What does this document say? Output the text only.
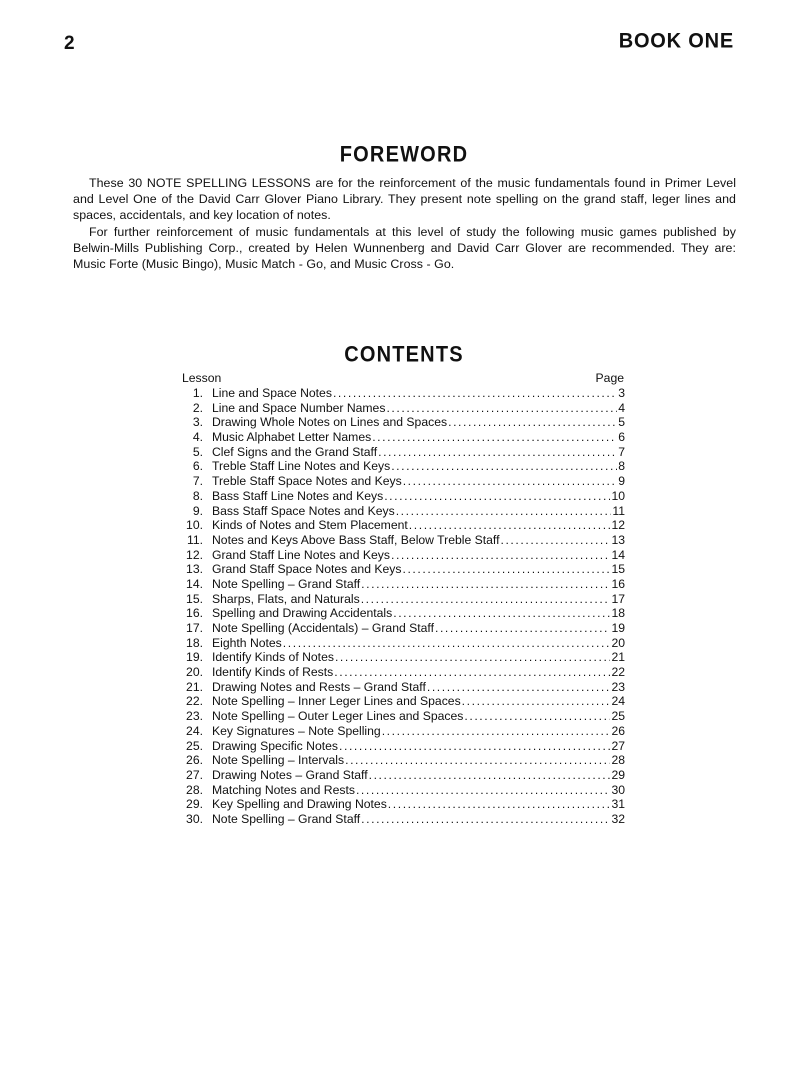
2	BOOK ONE
FOREWORD

These 30 NOTE SPELLING LESSONS are for the reinforcement of the music fundamentals found in Primer Level and Level One of the David Carr Glover Piano Library. They present note spelling on the grand staff, leger lines and spaces, accidentals, and key location of notes.

For further reinforcement of music fundamentals at this level of study the following music games published by Belwin-Mills Publishing Corp., created by Helen Wunnenberg and David Carr Glover are recommended. They are: Music Forte (Music Bingo), Music Match - Go, and Music Cross - Go.

CONTENTS
Lesson	Page
1. Line and Space Notes . . .	3
2. Line and Space Number Names . . .	4
3. Drawing Whole Notes on Lines and Spaces . . .	5
4. Music Alphabet Letter Names . . .	6
5. Clef Signs and the Grand Staff . . .	7
6. Treble Staff Line Notes and Keys . . .	8
7. Treble Staff Space Notes and Keys . . .	9
8. Bass Staff Line Notes and Keys . . .	10
9. Bass Staff Space Notes and Keys . . .	11
10. Kinds of Notes and Stem Placement . . .	12
11. Notes and Keys Above Bass Staff, Below Treble Staff . . .	13
12. Grand Staff Line Notes and Keys . . .	14
13. Grand Staff Space Notes and Keys . . .	15
14. Note Spelling – Grand Staff . . .	16
15. Sharps, Flats, and Naturals . . .	17
16. Spelling and Drawing Accidentals . . .	18
17. Note Spelling (Accidentals) – Grand Staff . . .	19
18. Eighth Notes . . .	20
19. Identify Kinds of Notes . . .	21
20. Identify Kinds of Rests . . .	22
21. Drawing Notes and Rests – Grand Staff . . .	23
22. Note Spelling – Inner Leger Lines and Spaces . . .	24
23. Note Spelling – Outer Leger Lines and Spaces . . .	25
24. Key Signatures – Note Spelling . . .	26
25. Drawing Specific Notes . . .	27
26. Note Spelling – Intervals . . .	28
27. Drawing Notes – Grand Staff . . .	29
28. Matching Notes and Rests . . .	30
29. Key Spelling and Drawing Notes . . .	31
30. Note Spelling – Grand Staff . . .	32
